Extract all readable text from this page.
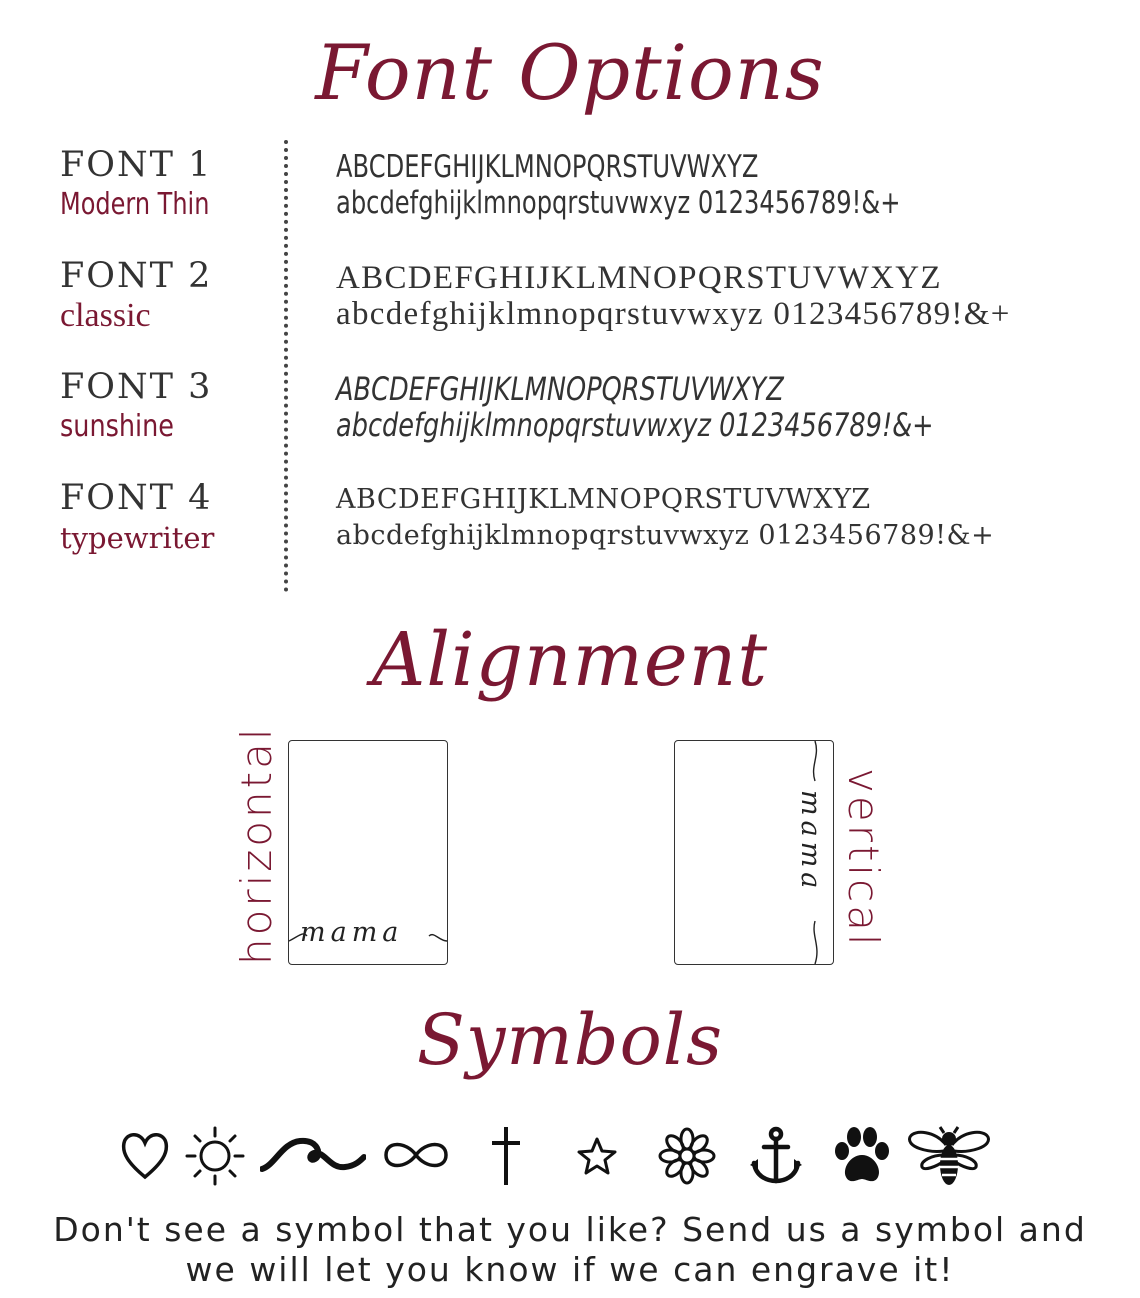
Font Options
FONT 1
Modern Thin
ABCDEFGHIJKLMNOPQRSTUVWXYZ
abcdefghijklmnopqrstuvwxyz 0123456789!&+
FONT 2
classic
ABCDEFGHIJKLMNOPQRSTUVWXYZ
abcdefghijklmnopqrstuvwxyz 0123456789!&+
FONT 3
sunshine
ABCDEFGHIJKLMNOPQRSTUVWXYZ
abcdefghijklmnopqrstuvwxyz 0123456789!&+
FONT 4
typewriter
ABCDEFGHIJKLMNOPQRSTUVWXYZ
abcdefghijklmnopqrstuvwxyz 0123456789!&+
Alignment
horizontal mama
mama vertical
Symbols
Don't see a symbol that you like? Send us a symbol and
we will let you know if we can engrave it!
